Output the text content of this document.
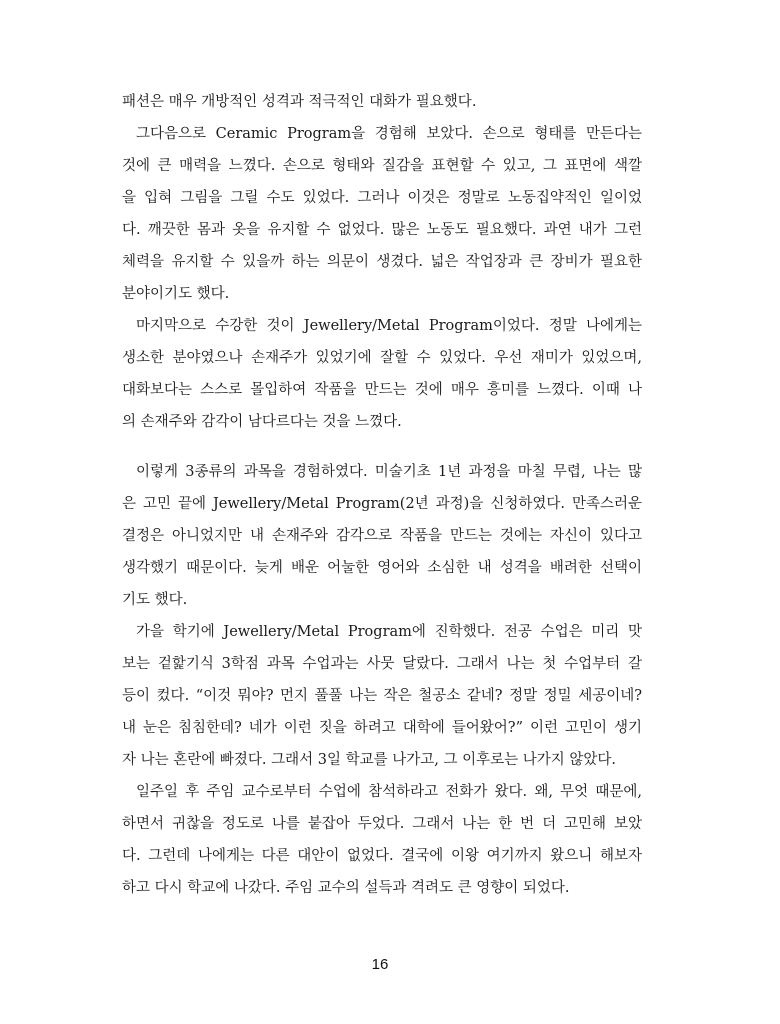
패션은 매우 개방적인 성격과 적극적인 대화가 필요했다.

그다음으로 Ceramic Program을 경험해 보았다. 손으로 형태를 만든다는
것에 큰 매력을 느꼈다. 손으로 형태와 질감을 표현할 수 있고, 그 표면에 색깔
을 입혀 그림을 그릴 수도 있었다. 그러나 이것은 정말로 노동집약적인 일이었
다. 깨끗한 몸과 옷을 유지할 수 없었다. 많은 노동도 필요했다. 과연 내가 그런
체력을 유지할 수 있을까 하는 의문이 생겼다. 넓은 작업장과 큰 장비가 필요한
분야이기도 했다.

마지막으로 수강한 것이 Jewellery/Metal Program이었다. 정말 나에게는
생소한 분야였으나 손재주가 있었기에 잘할 수 있었다. 우선 재미가 있었으며,
대화보다는 스스로 몰입하여 작품을 만드는 것에 매우 흥미를 느꼈다. 이때 나
의 손재주와 감각이 남다르다는 것을 느꼈다.

이렇게 3종류의 과목을 경험하였다. 미술기초 1년 과정을 마칠 무렵, 나는 많
은 고민 끝에 Jewellery/Metal Program(2년 과정)을 신청하였다. 만족스러운
결정은 아니었지만 내 손재주와 감각으로 작품을 만드는 것에는 자신이 있다고
생각했기 때문이다. 늦게 배운 어눌한 영어와 소심한 내 성격을 배려한 선택이
기도 했다.

가을 학기에 Jewellery/Metal Program에 진학했다. 전공 수업은 미리 맛
보는 겉핥기식 3학점 과목 수업과는 사뭇 달랐다. 그래서 나는 첫 수업부터 갈
등이 컸다. “이것 뭐야? 먼지 풀풀 나는 작은 철공소 같네? 정말 정밀 세공이네?
내 눈은 침침한데? 네가 이런 짓을 하려고 대학에 들어왔어?” 이런 고민이 생기
자 나는 혼란에 빠졌다. 그래서 3일 학교를 나가고, 그 이후로는 나가지 않았다.

일주일 후 주임 교수로부터 수업에 참석하라고 전화가 왔다. 왜, 무엇 때문에,
하면서 귀찮을 정도로 나를 붙잡아 두었다. 그래서 나는 한 번 더 고민해 보았
다. 그런데 나에게는 다른 대안이 없었다. 결국에 이왕 여기까지 왔으니 해보자
하고 다시 학교에 나갔다. 주임 교수의 설득과 격려도 큰 영향이 되었다.

16
